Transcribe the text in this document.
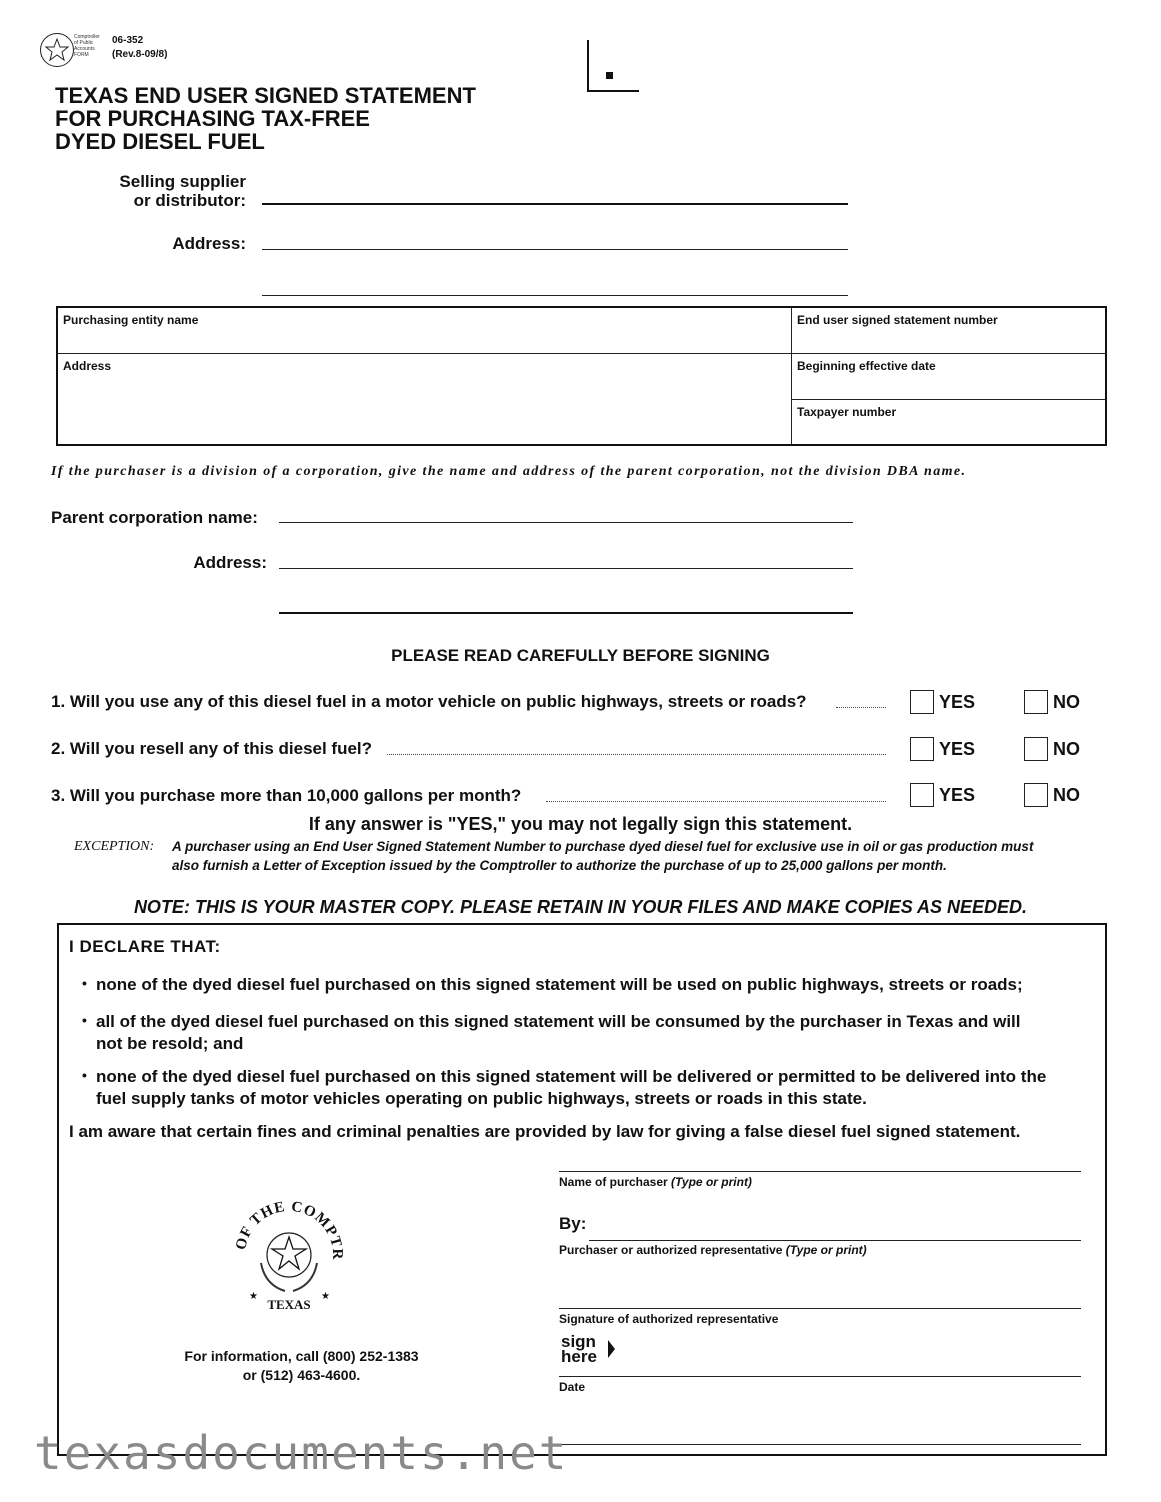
Comptroller
of Public
Accounts
FORM
06-352
(Rev.8-09/8)
TEXAS END USER SIGNED STATEMENT
FOR PURCHASING TAX-FREE
DYED DIESEL FUEL
Selling supplier
or distributor:
Address:
Purchasing entity name
Address
End user signed statement number
Beginning effective date
Taxpayer number
If the purchaser is a division of a corporation, give the name and address of the parent corporation, not the division DBA name.
Parent corporation name:
Address:
PLEASE READ CAREFULLY BEFORE SIGNING
1. Will you use any of this diesel fuel in a motor vehicle on public highways, streets or roads?	YES	NO
2. Will you resell any of this diesel fuel?	YES	NO
3. Will you purchase more than 10,000 gallons per month?	YES	NO
If any answer is "YES," you may not legally sign this statement.
EXCEPTION: A purchaser using an End User Signed Statement Number to purchase dyed diesel fuel for exclusive use in oil or gas production must
also furnish a Letter of Exception issued by the Comptroller to authorize the purchase of up to 25,000 gallons per month.
NOTE: THIS IS YOUR MASTER COPY. PLEASE RETAIN IN YOUR FILES AND MAKE COPIES AS NEEDED.
I DECLARE THAT:
• none of the dyed diesel fuel purchased on this signed statement will be used on public highways, streets or roads;
• all of the dyed diesel fuel purchased on this signed statement will be consumed by the purchaser in Texas and will
not be resold; and
• none of the dyed diesel fuel purchased on this signed statement will be delivered or permitted to be delivered into the
fuel supply tanks of motor vehicles operating on public highways, streets or roads in this state.
I am aware that certain fines and criminal penalties are provided by law for giving a false diesel fuel signed statement.
OF THE COMPTR
★	★
TEXAS
For information, call (800) 252-1383
or (512) 463-4600.
Name of purchaser (Type or print)
By:
Purchaser or authorized representative (Type or print)
Signature of authorized representative
sign
here
Date
texasdocuments.net
